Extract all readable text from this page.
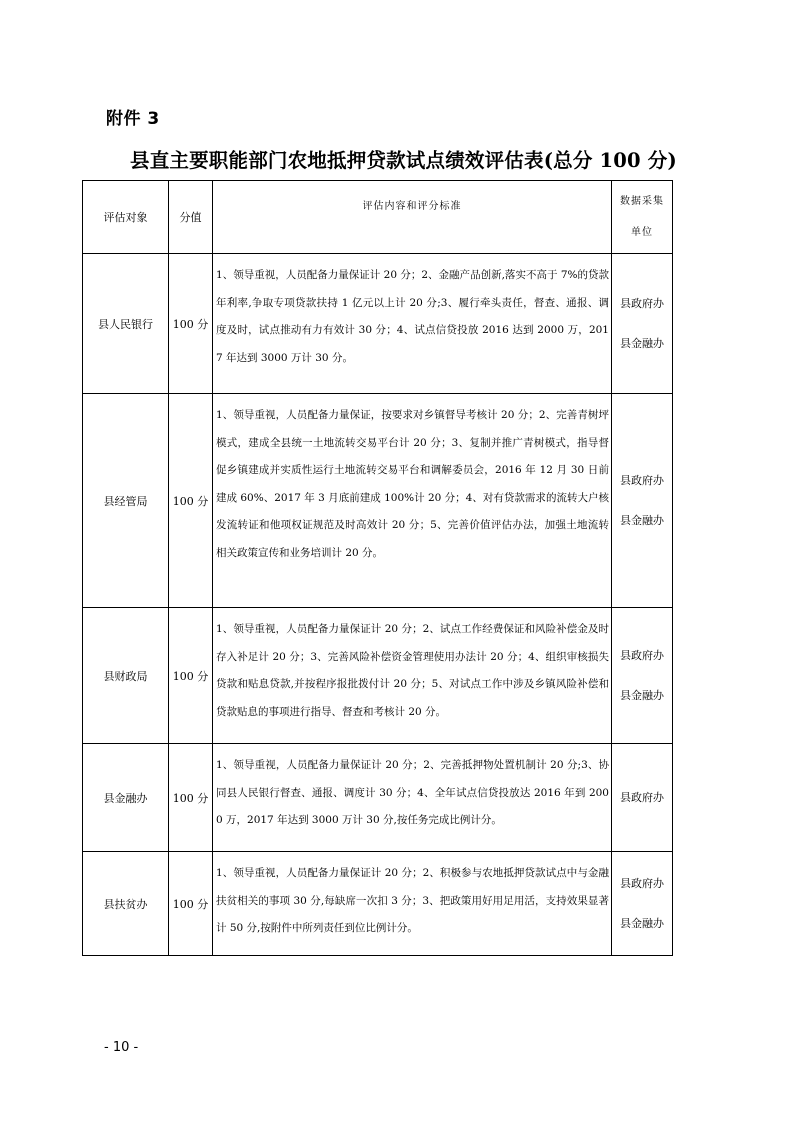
附件 3
县直主要职能部门农地抵押贷款试点绩效评估表(总分 100 分)
评估对象	分值	评估内容和评分标准	数据采集
单位

县人民银行	100 分	1、领导重视，人员配备力量保证计 20 分；2、金融产品创新,落实不高于 7%的贷款年利率,争取专项贷款扶持 1 亿元以上计 20 分;3、履行牵头责任，督查、通报、调度及时，试点推动有力有效计 30 分；4、试点信贷投放 2016 达到 2000 万，2017 年达到 3000 万计 30 分。	县政府办
县金融办

县经管局	100 分	1、领导重视，人员配备力量保证，按要求对乡镇督导考核计 20 分；2、完善青树坪模式，建成全县统一土地流转交易平台计 20 分；3、复制并推广青树模式，指导督促乡镇建成并实质性运行土地流转交易平台和调解委员会，2016 年 12 月 30 日前建成 60%、2017 年 3 月底前建成 100%计 20 分；4、对有贷款需求的流转大户核发流转证和他项权证规范及时高效计 20 分；5、完善价值评估办法，加强土地流转相关政策宣传和业务培训计 20 分。	县政府办
县金融办

县财政局	100 分	1、领导重视，人员配备力量保证计 20 分；2、试点工作经费保证和风险补偿金及时存入补足计 20 分；3、完善风险补偿资金管理使用办法计 20 分；4、组织审核损失贷款和贴息贷款,并按程序报批拨付计 20 分；5、对试点工作中涉及乡镇风险补偿和贷款贴息的事项进行指导、督查和考核计 20 分。	县政府办
县金融办

县金融办	100 分	1、领导重视，人员配备力量保证计 20 分；2、完善抵押物处置机制计 20 分;3、协同县人民银行督查、通报、调度计 30 分；4、全年试点信贷投放达 2016 年到 2000 万，2017 年达到 3000 万计 30 分,按任务完成比例计分。	县政府办

县扶贫办	100 分	1、领导重视，人员配备力量保证计 20 分；2、积极参与农地抵押贷款试点中与金融扶贫相关的事项 30 分,每缺席一次扣 3 分；3、把政策用好用足用活，支持效果显著计 50 分,按附件中所列责任到位比例计分。	县政府办
县金融办
- 10 -
